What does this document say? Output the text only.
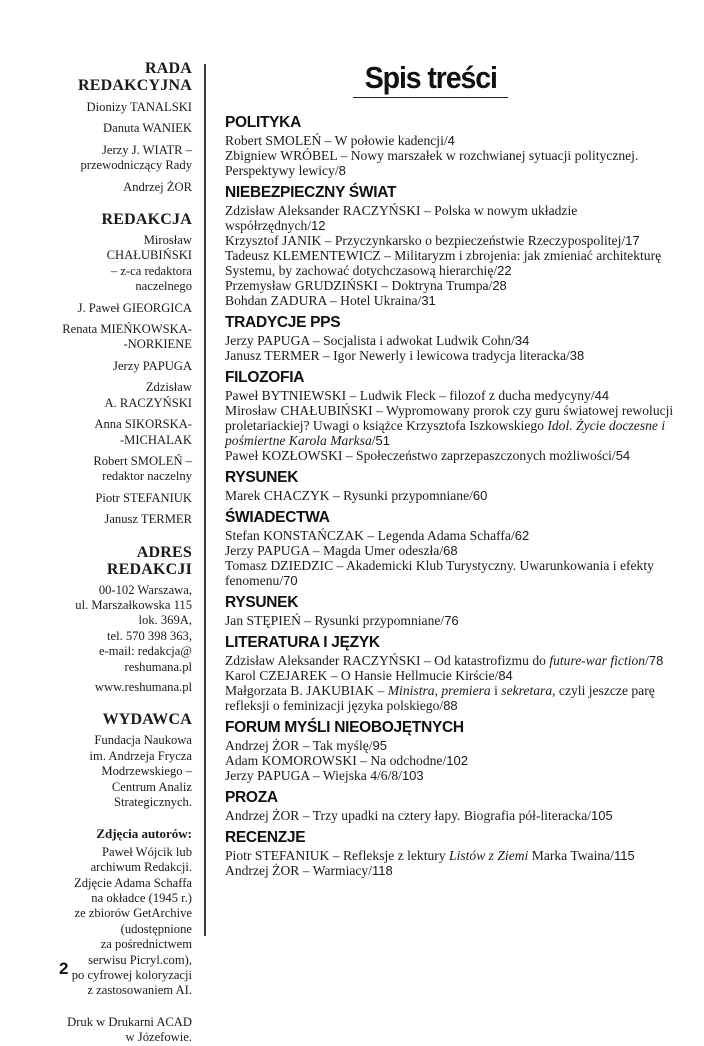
RADA
REDAKCYJNA
Dionizy TANALSKI
Danuta WANIEK
Jerzy J. WIATR –
przewodniczący Rady
Andrzej ŻOR
REDAKCJA
Mirosław
CHAŁUBIŃSKI
– z-ca redaktora
naczelnego
J. Paweł GIEORGICA
Renata MIEŃKOWSKA-
-NORKIENE
Jerzy PAPUGA
Zdzisław
A. RACZYŃSKI
Anna SIKORSKA-
-MICHALAK
Robert SMOLEŃ –
redaktor naczelny
Piotr STEFANIUK
Janusz TERMER
ADRES REDAKCJI
00-102 Warszawa,
ul. Marszałkowska 115
lok. 369A,
tel. 570 398 363,
e-mail: redakcja@
reshumana.pl
www.reshumana.pl
WYDAWCA
Fundacja Naukowa
im. Andrzeja Frycza
Modrzewskiego –
Centrum Analiz
Strategicznych.
Zdjęcia autorów:
Paweł Wójcik lub
archiwum Redakcji.
Zdjęcie Adama Schaffa
na okładce (1945 r.)
ze zbiorów GetArchive
(udostępnione
za pośrednictwem
serwisu Picryl.com),
po cyfrowej koloryzacji
z zastosowaniem AI.
Druk w Drukarni ACAD
w Józefowie.
Spis treści
POLITYKA
Robert SMOLEŃ – W połowie kadencji/4
Zbigniew WRÓBEL – Nowy marszałek w rozchwianej sytuacji politycznej. Perspektywy lewicy/8
NIEBEZPIECZNY ŚWIAT
Zdzisław Aleksander RACZYŃSKI – Polska w nowym układzie współrzędnych/12
Krzysztof JANIK – Przyczynkarsko o bezpieczeństwie Rzeczypospolitej/17
Tadeusz KLEMENTEWICZ – Militaryzm i zbrojenia: jak zmieniać architekturę Systemu, by zachować dotychczasową hierarchię/22
Przemysław GRUDZIŃSKI – Doktryna Trumpa/28
Bohdan ZADURA – Hotel Ukraina/31
TRADYCJE PPS
Jerzy PAPUGA – Socjalista i adwokat Ludwik Cohn/34
Janusz TERMER – Igor Newerly i lewicowa tradycja literacka/38
FILOZOFIA
Paweł BYTNIEWSKI – Ludwik Fleck – filozof z ducha medycyny/44
Mirosław CHAŁUBIŃSKI – Wypromowany prorok czy guru światowej rewolucji proletariackiej? Uwagi o książce Krzysztofa Iszkowskiego Idol. Życie doczesne i pośmiertne Karola Marksa/51
Paweł KOZŁOWSKI – Społeczeństwo zaprzepaszczonych możliwości/54
RYSUNEK
Marek CHACZYK – Rysunki przypomniane/60
ŚWIADECTWA
Stefan KONSTAŃCZAK – Legenda Adama Schaffa/62
Jerzy PAPUGA – Magda Umer odeszła/68
Tomasz DZIEDZIC – Akademicki Klub Turystyczny. Uwarunkowania i efekty fenomenu/70
RYSUNEK
Jan STĘPIEŃ – Rysunki przypomniane/76
LITERATURA I JĘZYK
Zdzisław Aleksander RACZYŃSKI – Od katastrofizmu do future-war fiction/78
Karol CZEJAREK – O Hansie Hellmucie Kirście/84
Małgorzata B. JAKUBIAK – Ministra, premiera i sekretara, czyli jeszcze parę refleksji o feminizacji języka polskiego/88
FORUM MYŚLI NIEOBOJĘTNYCH
Andrzej ŻOR – Tak myślę/95
Adam KOMOROWSKI – Na odchodne/102
Jerzy PAPUGA – Wiejska 4/6/8/103
PROZA
Andrzej ŻOR – Trzy upadki na cztery łapy. Biografia pół-literacka/105
RECENZJE
Piotr STEFANIUK – Refleksje z lektury Listów z Ziemi Marka Twaina/115
Andrzej ŻOR – Warmiacy/118
2
